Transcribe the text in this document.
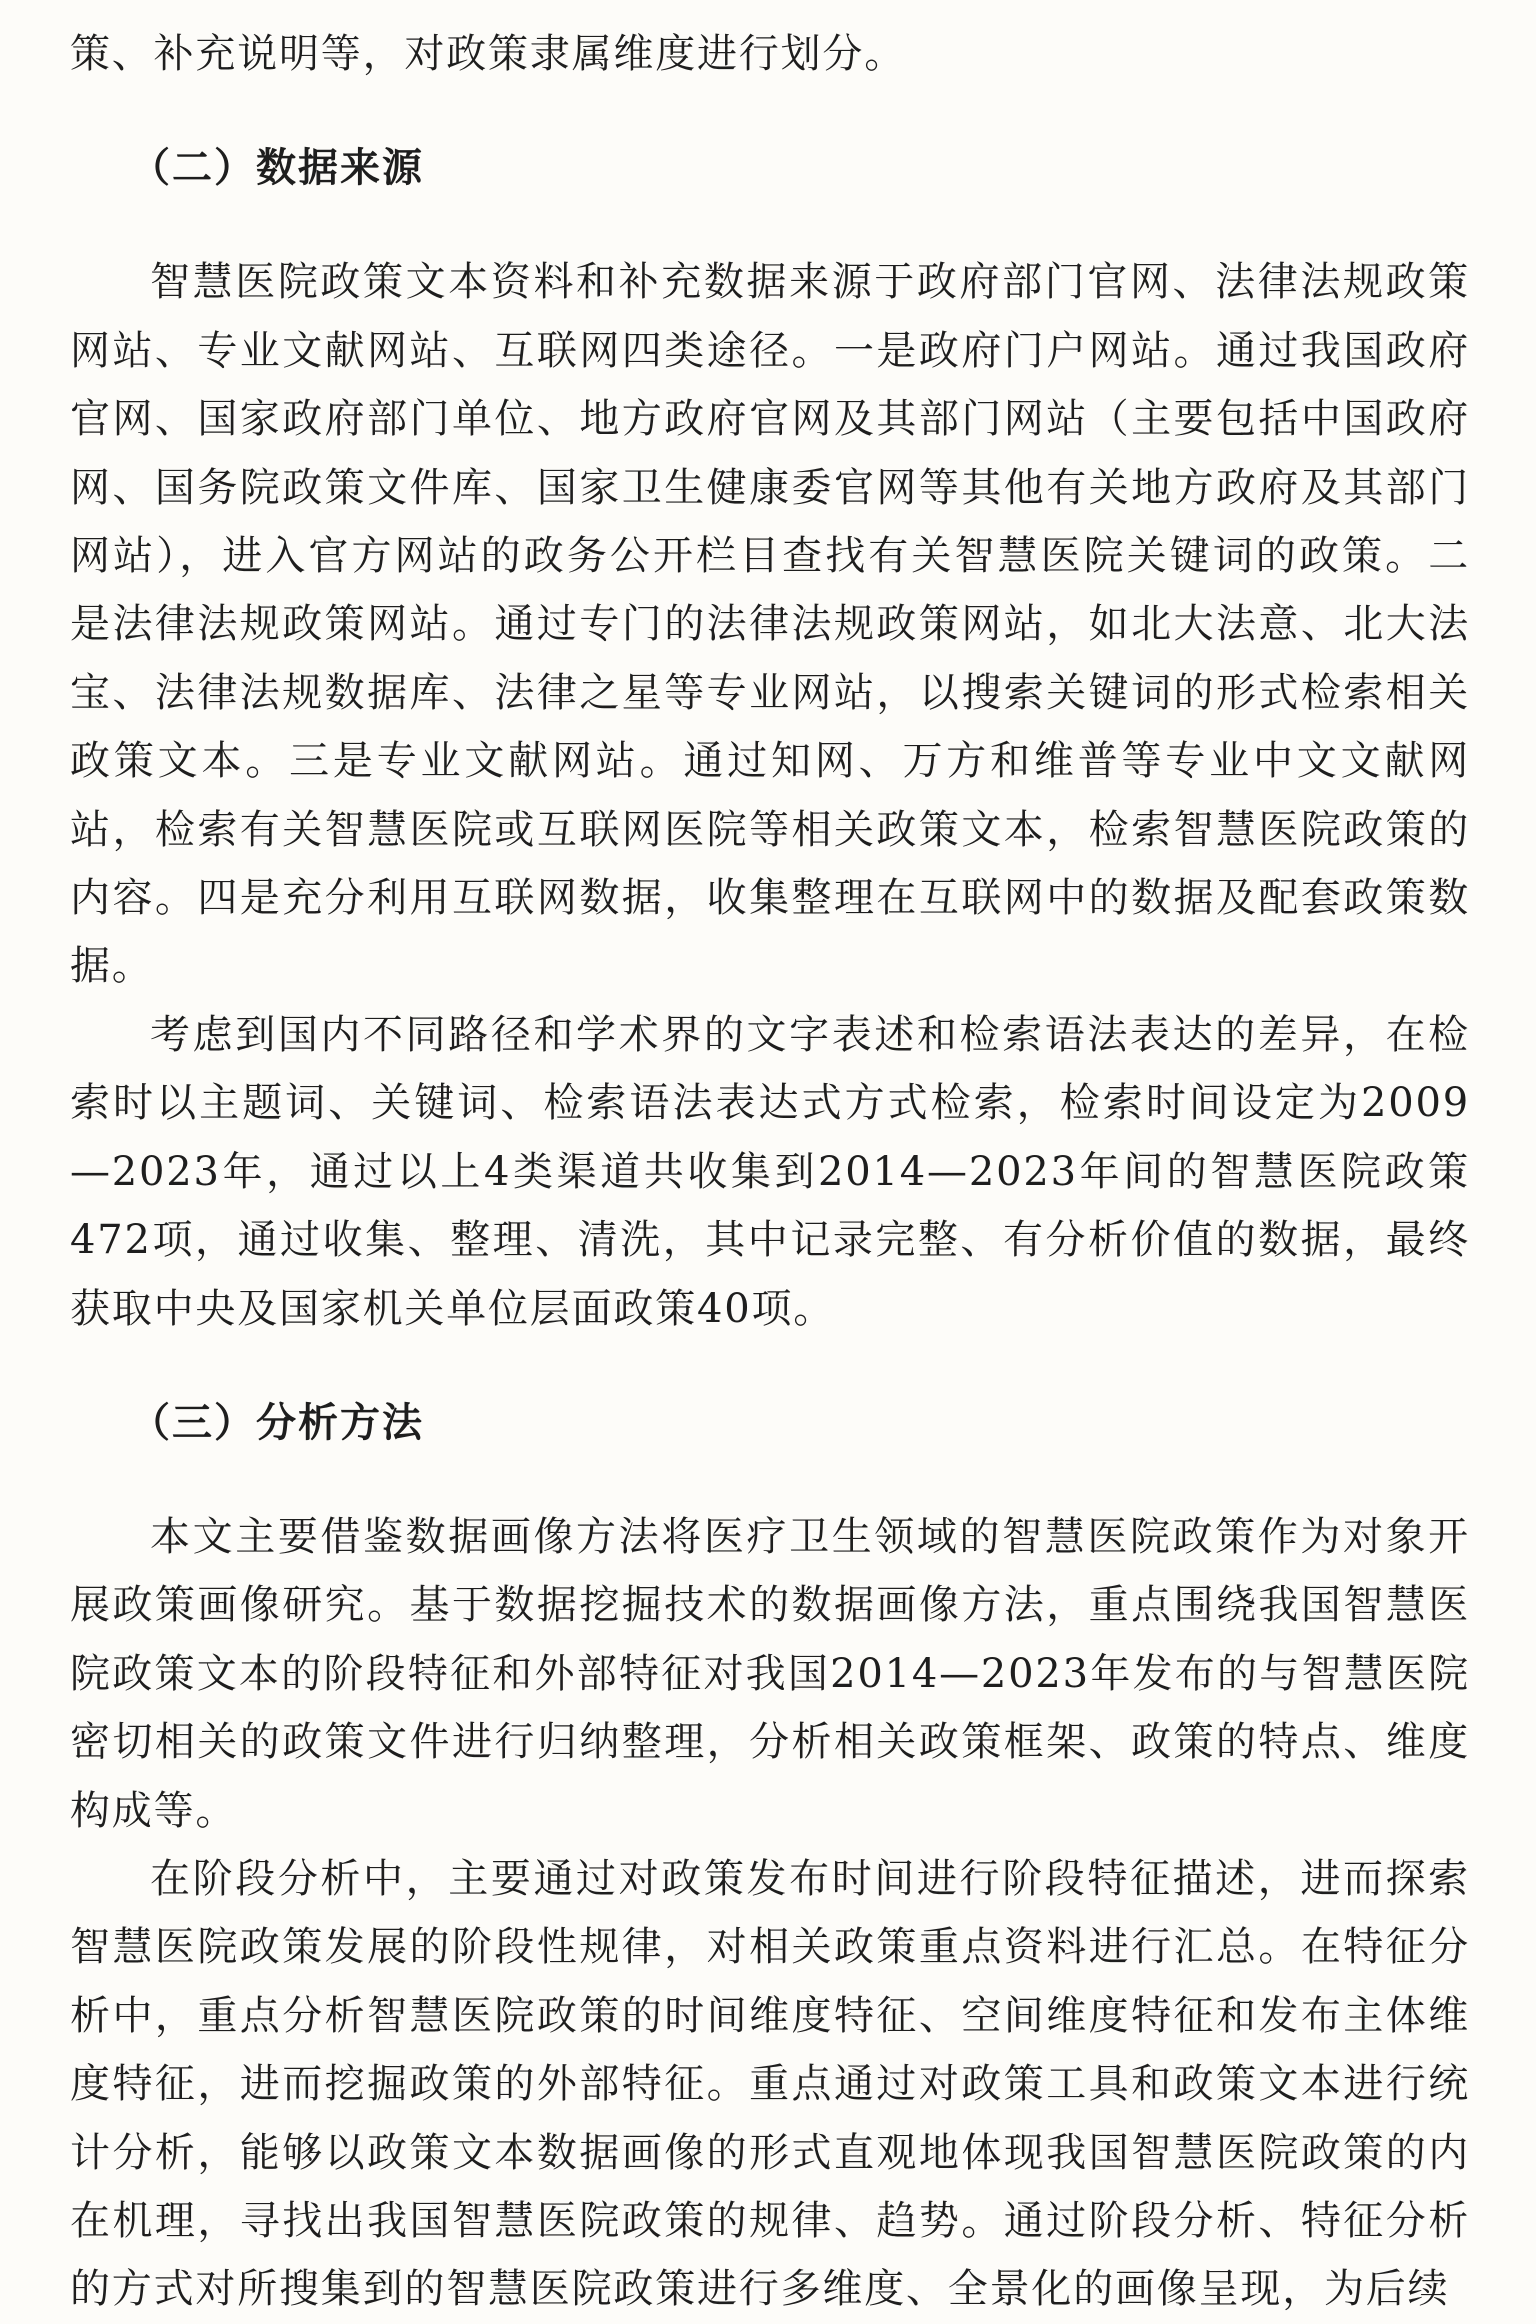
策、补充说明等，对政策隶属维度进行划分。

（二）数据来源

智慧医院政策文本资料和补充数据来源于政府部门官网、法律法规政策网站、专业文献网站、互联网四类途径。一是政府门户网站。通过我国政府官网、国家政府部门单位、地方政府官网及其部门网站（主要包括中国政府网、国务院政策文件库、国家卫生健康委官网等其他有关地方政府及其部门网站），进入官方网站的政务公开栏目查找有关智慧医院关键词的政策。二是法律法规政策网站。通过专门的法律法规政策网站，如北大法意、北大法宝、法律法规数据库、法律之星等专业网站，以搜索关键词的形式检索相关政策文本。三是专业文献网站。通过知网、万方和维普等专业中文文献网站，检索有关智慧医院或互联网医院等相关政策文本，检索智慧医院政策的内容。四是充分利用互联网数据，收集整理在互联网中的数据及配套政策数据。

考虑到国内不同路径和学术界的文字表述和检索语法表达的差异，在检索时以主题词、关键词、检索语法表达式方式检索，检索时间设定为2009—2023年，通过以上4类渠道共收集到2014—2023年间的智慧医院政策472项，通过收集、整理、清洗，其中记录完整、有分析价值的数据，最终获取中央及国家机关单位层面政策40项。

（三）分析方法

本文主要借鉴数据画像方法将医疗卫生领域的智慧医院政策作为对象开展政策画像研究。基于数据挖掘技术的数据画像方法，重点围绕我国智慧医院政策文本的阶段特征和外部特征对我国2014—2023年发布的与智慧医院密切相关的政策文件进行归纳整理，分析相关政策框架、政策的特点、维度构成等。

在阶段分析中，主要通过对政策发布时间进行阶段特征描述，进而探索智慧医院政策发展的阶段性规律，对相关政策重点资料进行汇总。在特征分析中，重点分析智慧医院政策的时间维度特征、空间维度特征和发布主体维度特征，进而挖掘政策的外部特征。重点通过对政策工具和政策文本进行统计分析，能够以政策文本数据画像的形式直观地体现我国智慧医院政策的内在机理，寻找出我国智慧医院政策的规律、趋势。通过阶段分析、特征分析的方式对所搜集到的智慧医院政策进行多维度、全景化的画像呈现，为后续
